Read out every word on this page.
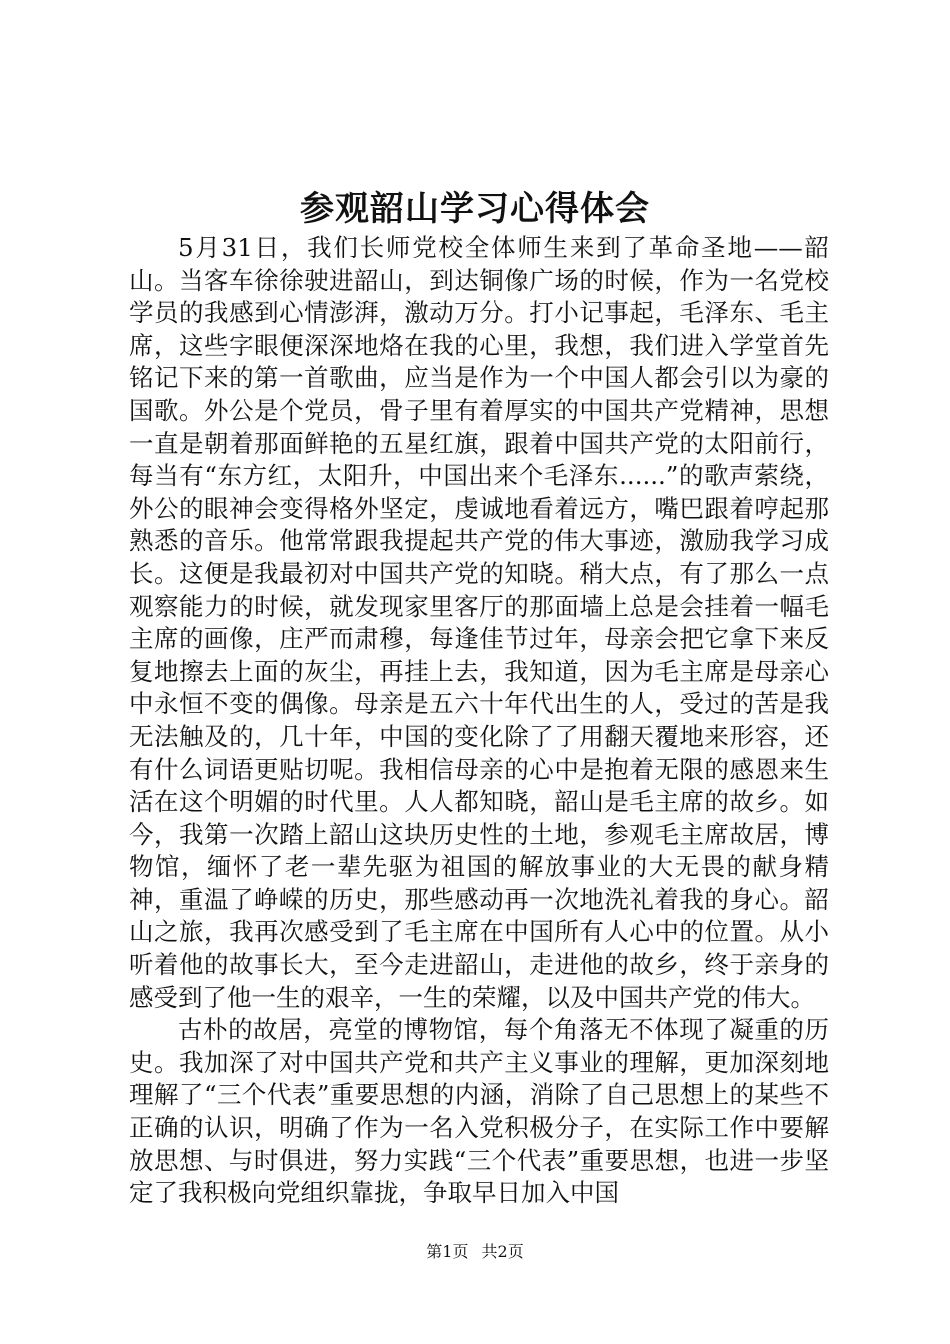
参观韶山学习心得体会

5月31日，我们长师党校全体师生来到了革命圣地——韶山。当客车徐徐驶进韶山，到达铜像广场的时候，作为一名党校学员的我感到心情澎湃，激动万分。打小记事起，毛泽东、毛主席，这些字眼便深深地烙在我的心里，我想，我们进入学堂首先铭记下来的第一首歌曲，应当是作为一个中国人都会引以为豪的国歌。外公是个党员，骨子里有着厚实的中国共产党精神，思想一直是朝着那面鲜艳的五星红旗，跟着中国共产党的太阳前行，每当有“东方红，太阳升，中国出来个毛泽东......”的歌声萦绕，外公的眼神会变得格外坚定，虔诚地看着远方，嘴巴跟着哼起那熟悉的音乐。他常常跟我提起共产党的伟大事迹，激励我学习成长。这便是我最初对中国共产党的知晓。稍大点，有了那么一点观察能力的时候，就发现家里客厅的那面墙上总是会挂着一幅毛主席的画像，庄严而肃穆，每逢佳节过年，母亲会把它拿下来反复地擦去上面的灰尘，再挂上去，我知道，因为毛主席是母亲心中永恒不变的偶像。母亲是五六十年代出生的人，受过的苦是我无法触及的，几十年，中国的变化除了了用翻天覆地来形容，还有什么词语更贴切呢。我相信母亲的心中是抱着无限的感恩来生活在这个明媚的时代里。人人都知晓，韶山是毛主席的故乡。如今，我第一次踏上韶山这块历史性的土地，参观毛主席故居，博物馆，缅怀了老一辈先驱为祖国的解放事业的大无畏的献身精神，重温了峥嵘的历史，那些感动再一次地洗礼着我的身心。韶山之旅，我再次感受到了毛主席在中国所有人心中的位置。从小听着他的故事长大，至今走进韶山，走进他的故乡，终于亲身的感受到了他一生的艰辛，一生的荣耀，以及中国共产党的伟大。

古朴的故居，亮堂的博物馆，每个角落无不体现了凝重的历史。我加深了对中国共产党和共产主义事业的理解，更加深刻地理解了“三个代表”重要思想的内涵，消除了自己思想上的某些不正确的认识，明确了作为一名入党积极分子，在实际工作中要解放思想、与时俱进，努力实践“三个代表”重要思想，也进一步坚定了我积极向党组织靠拢，争取早日加入中国

第1页 共2页
